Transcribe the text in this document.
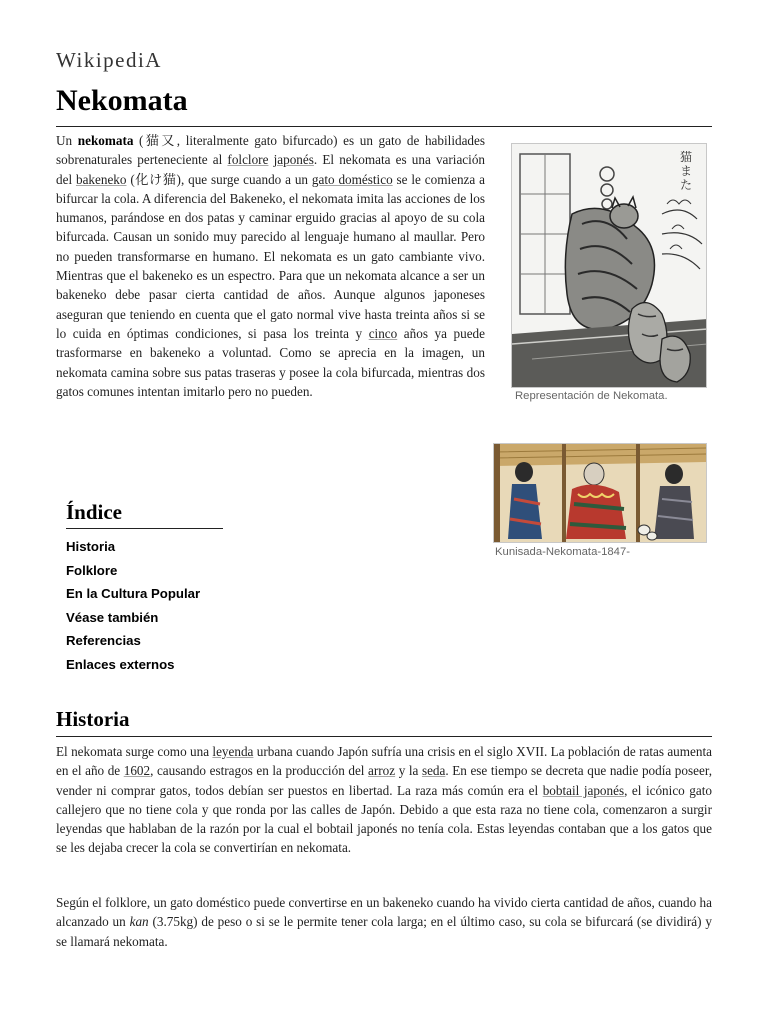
WikipediA
Nekomata

Un nekomata (猫又, literalmente gato bifurcado) es un gato de habilidades sobrenaturales perteneciente al folclore japonés. El nekomata es una variación del bakeneko (化け猫), que surge cuando a un gato doméstico se le comienza a bifurcar la cola. A diferencia del Bakeneko, el nekomata imita las acciones de los humanos, parándose en dos patas y caminar erguido gracias al apoyo de su cola bifurcada. Causan un sonido muy parecido al lenguaje humano al maullar. Pero no pueden transformarse en humano. El nekomata es un gato cambiante vivo. Mientras que el bakeneko es un espectro. Para que un nekomata alcance a ser un bakeneko debe pasar cierta cantidad de años. Aunque algunos japoneses aseguran que teniendo en cuenta que el gato normal vive hasta treinta años si se lo cuida en óptimas condiciones, si pasa los treinta y cinco años ya puede trasformarse en bakeneko a voluntad. Como se aprecia en la imagen, un nekomata camina sobre sus patas traseras y posee la cola bifurcada, mientras dos gatos comunes intentan imitarlo pero no pueden.

猫また
Representación de Nekomata.
Kunisada-Nekomata-1847-
Índice
Historia
Folklore
En la Cultura Popular
Véase también
Referencias
Enlaces externos
Historia

El nekomata surge como una leyenda urbana cuando Japón sufría una crisis en el siglo XVII. La población de ratas aumenta en el año de 1602, causando estragos en la producción del arroz y la seda. En ese tiempo se decreta que nadie podía poseer, vender ni comprar gatos, todos debían ser puestos en libertad. La raza más común era el bobtail japonés, el icónico gato callejero que no tiene cola y que ronda por las calles de Japón. Debido a que esta raza no tiene cola, comenzaron a surgir leyendas que hablaban de la razón por la cual el bobtail japonés no tenía cola. Estas leyendas contaban que a los gatos que se les dejaba crecer la cola se convertirían en nekomata.

Según el folklore, un gato doméstico puede convertirse en un bakeneko cuando ha vivido cierta cantidad de años, cuando ha alcanzado un kan (3.75kg) de peso o si se le permite tener cola larga; en el último caso, su cola se bifurcará (se dividirá) y se llamará nekomata.
